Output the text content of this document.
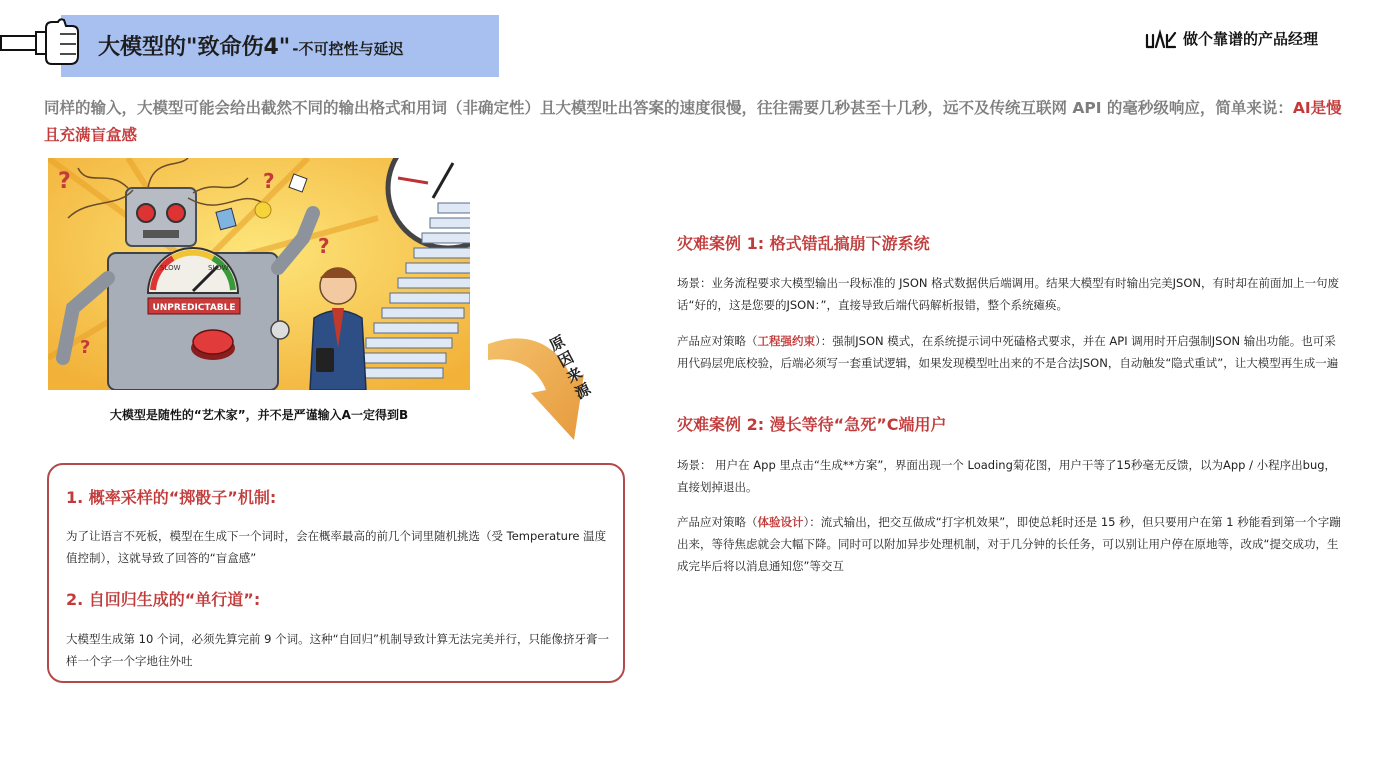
大模型的"致命伤4" -不可控性与延迟
做个靠谱的产品经理
同样的输入，大模型可能会给出截然不同的输出格式和用词（非确定性）且大模型吐出答案的速度很慢，往往需要几秒甚至十几秒，远不及传统互联网 API 的毫秒级响应，简单来说：AI是慢且充满盲盒感
SLOW	SLOW
UNPREDICTABLE
?	?
?
?
大模型是随性的“艺术家”，并不是严谨输入A一定得到B
原因来源
1. 概率采样的“掷骰子”机制:
为了让语言不死板，模型在生成下一个词时，会在概率最高的前几个词里随机挑选（受 Temperature 温度值控制），这就导致了回答的“盲盒感”
2. 自回归生成的“单行道”:
大模型生成第 10 个词，必须先算完前 9 个词。这种“自回归”机制导致计算无法完美并行，只能像挤牙膏一样一个字一个字地往外吐
灾难案例 1: 格式错乱搞崩下游系统
场景：业务流程要求大模型输出一段标准的 JSON 格式数据供后端调用。结果大模型有时输出完美JSON，有时却在前面加上一句废话“好的，这是您要的JSON：”，直接导致后端代码解析报错，整个系统瘫痪。
产品应对策略（工程强约束）：强制JSON 模式，在系统提示词中死磕格式要求，并在 API 调用时开启强制JSON 输出功能。也可采用代码层兜底校验，后端必须写一套重试逻辑，如果发现模型吐出来的不是合法JSON，自动触发“隐式重试”，让大模型再生成一遍
灾难案例 2: 漫长等待“急死”C端用户
场景： 用户在 App 里点击“生成**方案”，界面出现一个 Loading菊花图，用户干等了15秒毫无反馈，以为App / 小程序出bug，直接划掉退出。
产品应对策略（体验设计）：流式输出，把交互做成“打字机效果”，即使总耗时还是 15 秒，但只要用户在第 1 秒能看到第一个字蹦出来，等待焦虑就会大幅下降。同时可以附加异步处理机制，对于几分钟的长任务，可以别让用户停在原地等，改成“提交成功，生成完毕后将以消息通知您”等交互
